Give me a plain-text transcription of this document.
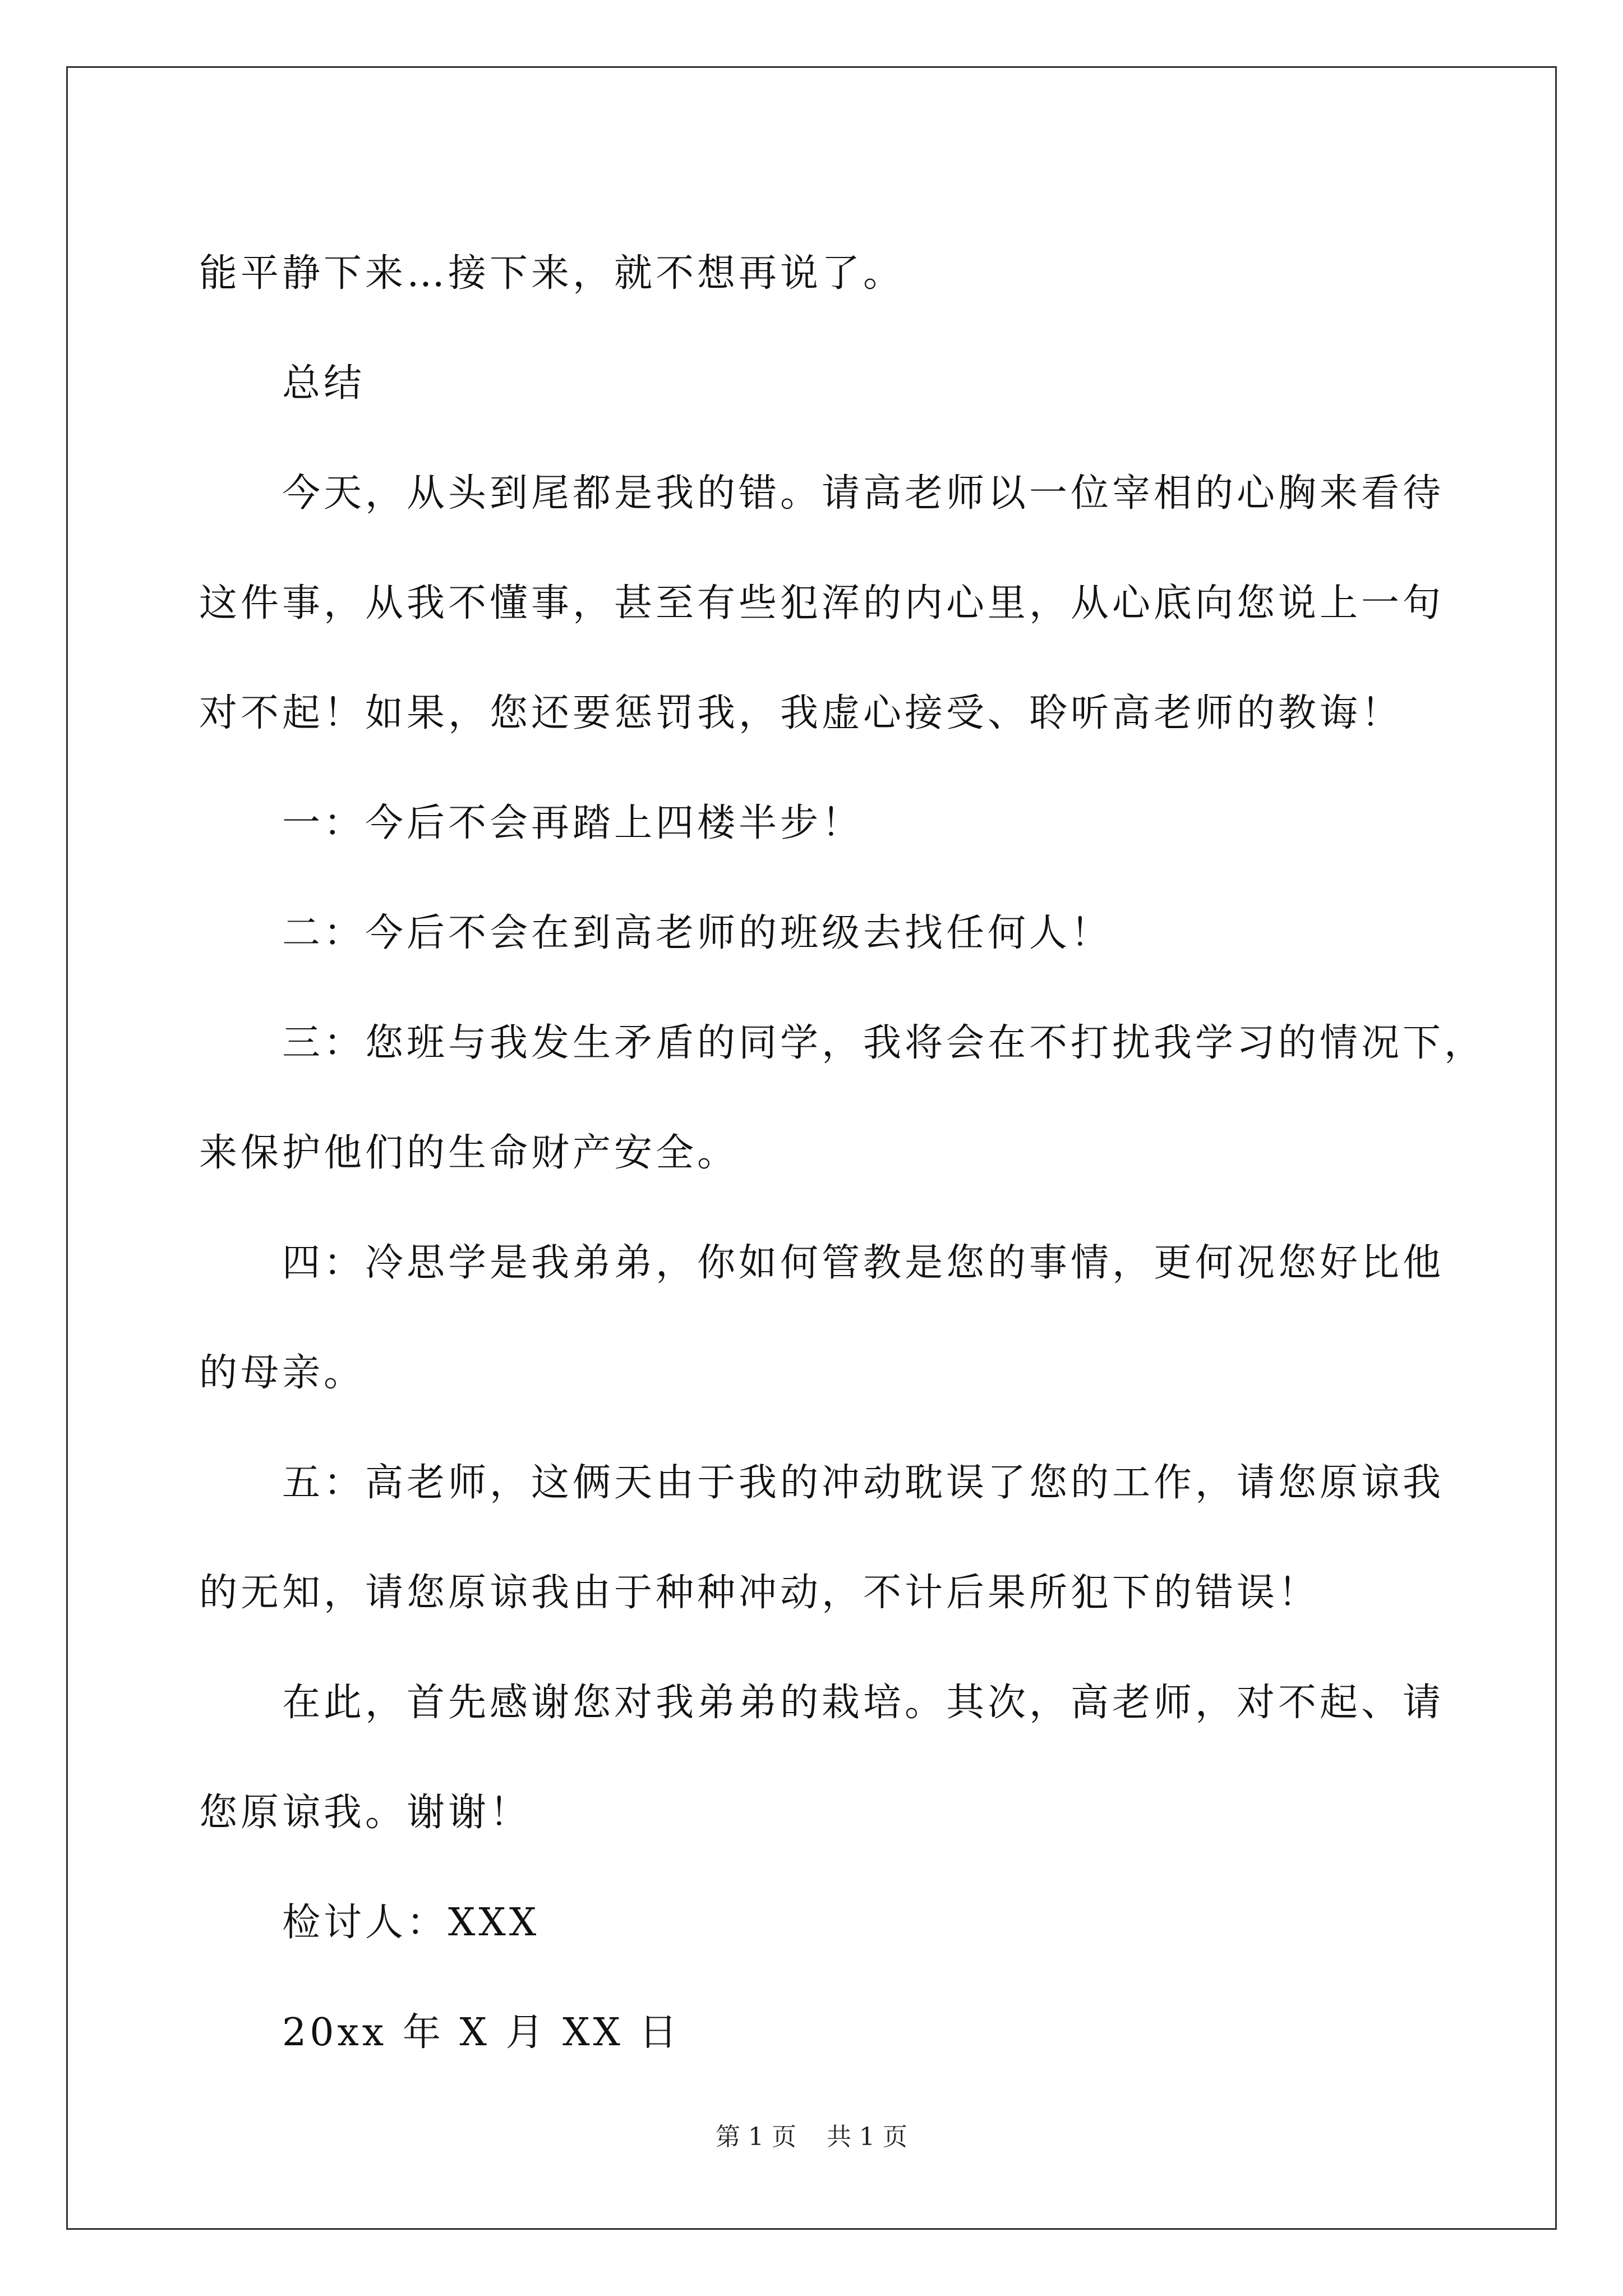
能平静下来…接下来，就不想再说了。

总结

今天，从头到尾都是我的错。请高老师以一位宰相的心胸来看待

这件事，从我不懂事，甚至有些犯浑的内心里，从心底向您说上一句

对不起！如果，您还要惩罚我，我虚心接受、聆听高老师的教诲！

一：今后不会再踏上四楼半步！

二：今后不会在到高老师的班级去找任何人！

三：您班与我发生矛盾的同学，我将会在不打扰我学习的情况下，

来保护他们的生命财产安全。

四：冷思学是我弟弟，你如何管教是您的事情，更何况您好比他

的母亲。

五：高老师，这俩天由于我的冲动耽误了您的工作，请您原谅我

的无知，请您原谅我由于种种冲动，不计后果所犯下的错误！

在此，首先感谢您对我弟弟的栽培。其次，高老师，对不起、请

您原谅我。谢谢！

检讨人：XXX

20xx 年 X 月 XX 日

第 1 页 共 1 页
